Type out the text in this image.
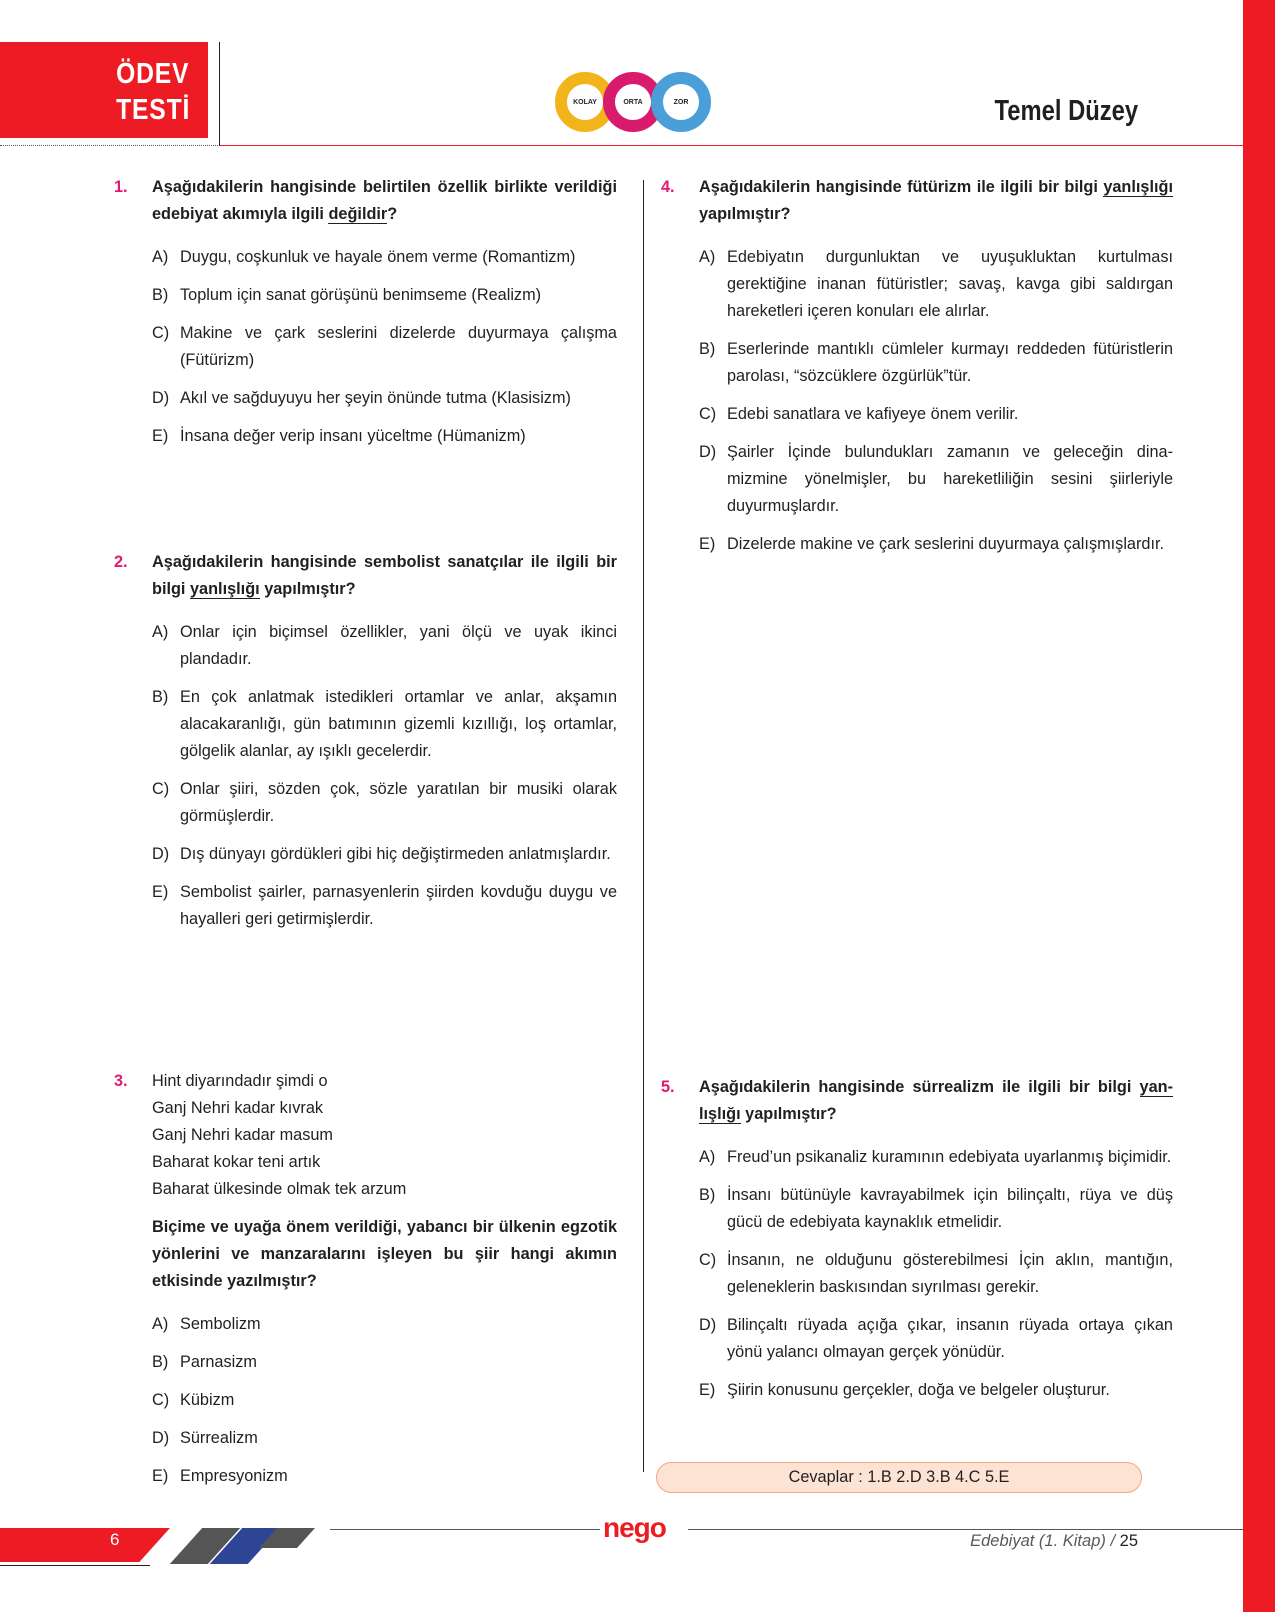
ÖDEV
TESTİ	KOLAY	ORTA	ZOR	Temel Düzey
1. Aşağıdakilerin hangisinde belirtilen özellik birlikte verildiği edebiyat akımıyla ilgili değildir?
A) Duygu, coşkunluk ve hayale önem verme (Romantizm)
B) Toplum için sanat görüşünü benimseme (Realizm)
C) Makine ve çark seslerini dizelerde duyurmaya çalışma (Fütürizm)
D) Akıl ve sağduyuyu her şeyin önünde tutma (Klasisizm)
E) İnsana değer verip insanı yüceltme (Hümanizm)
2. Aşağıdakilerin hangisinde sembolist sanatçılar ile ilgili bir bilgi yanlışlığı yapılmıştır?
A) Onlar için biçimsel özellikler, yani ölçü ve uyak ikinci plandadır.
B) En çok anlatmak istedikleri ortamlar ve anlar, akşamın alacakaranlığı, gün batımının gizemli kızıllığı, loş ortamlar, gölgelik alanlar, ay ışıklı gecelerdir.
C) Onlar şiiri, sözden çok, sözle yaratılan bir musiki olarak görmüşlerdir.
D) Dış dünyayı gördükleri gibi hiç değiştirmeden anlatmışlardır.
E) Sembolist şairler, parnasyenlerin şiirden kovduğu duygu ve hayalleri geri getirmişlerdir.
3. Hint diyarındadır şimdi o
Ganj Nehri kadar kıvrak
Ganj Nehri kadar masum
Baharat kokar teni artık
Baharat ülkesinde olmak tek arzum
Biçime ve uyağa önem verildiği, yabancı bir ülkenin egzotik yönlerini ve manzaralarını işleyen bu şiir hangi akımın etkisinde yazılmıştır?
A) Sembolizm
B) Parnasizm
C) Kübizm
D) Sürrealizm
E) Empresyonizm
4. Aşağıdakilerin hangisinde fütürizm ile ilgili bir bilgi yanlışlığı yapılmıştır?
A) Edebiyatın durgunluktan ve uyuşukluktan kurtulması gerektiğine inanan fütüristler; savaş, kavga gibi saldırgan hareketleri içeren konuları ele alırlar.
B) Eserlerinde mantıklı cümleler kurmayı reddeden fütüristlerin parolası, “sözcüklere özgürlük”tür.
C) Edebi sanatlara ve kafiyeye önem verilir.
D) Şairler İçinde bulundukları zamanın ve geleceğin dinamizmine yönelmişler, bu hareketliliğin sesini şiirleriyle duyurmuşlardır.
E) Dizelerde makine ve çark seslerini duyurmaya çalışmışlardır.
5. Aşağıdakilerin hangisinde sürrealizm ile ilgili bir bilgi yanlışlığı yapılmıştır?
A) Freud’un psikanaliz kuramının edebiyata uyarlanmış biçimidir.
B) İnsanı bütünüyle kavrayabilmek için bilinçaltı, rüya ve düş gücü de edebiyata kaynaklık etmelidir.
C) İnsanın, ne olduğunu gösterebilmesi İçin aklın, mantığın, geleneklerin baskısından sıyrılması gerekir.
D) Bilinçaltı rüyada açığa çıkar, insanın rüyada ortaya çıkan yönü yalancı olmayan gerçek yönüdür.
E) Şiirin konusunu gerçekler, doğa ve belgeler oluşturur.
Cevaplar : 1.B 2.D 3.B 4.C 5.E
6	nego	Edebiyat (1. Kitap) / 25
